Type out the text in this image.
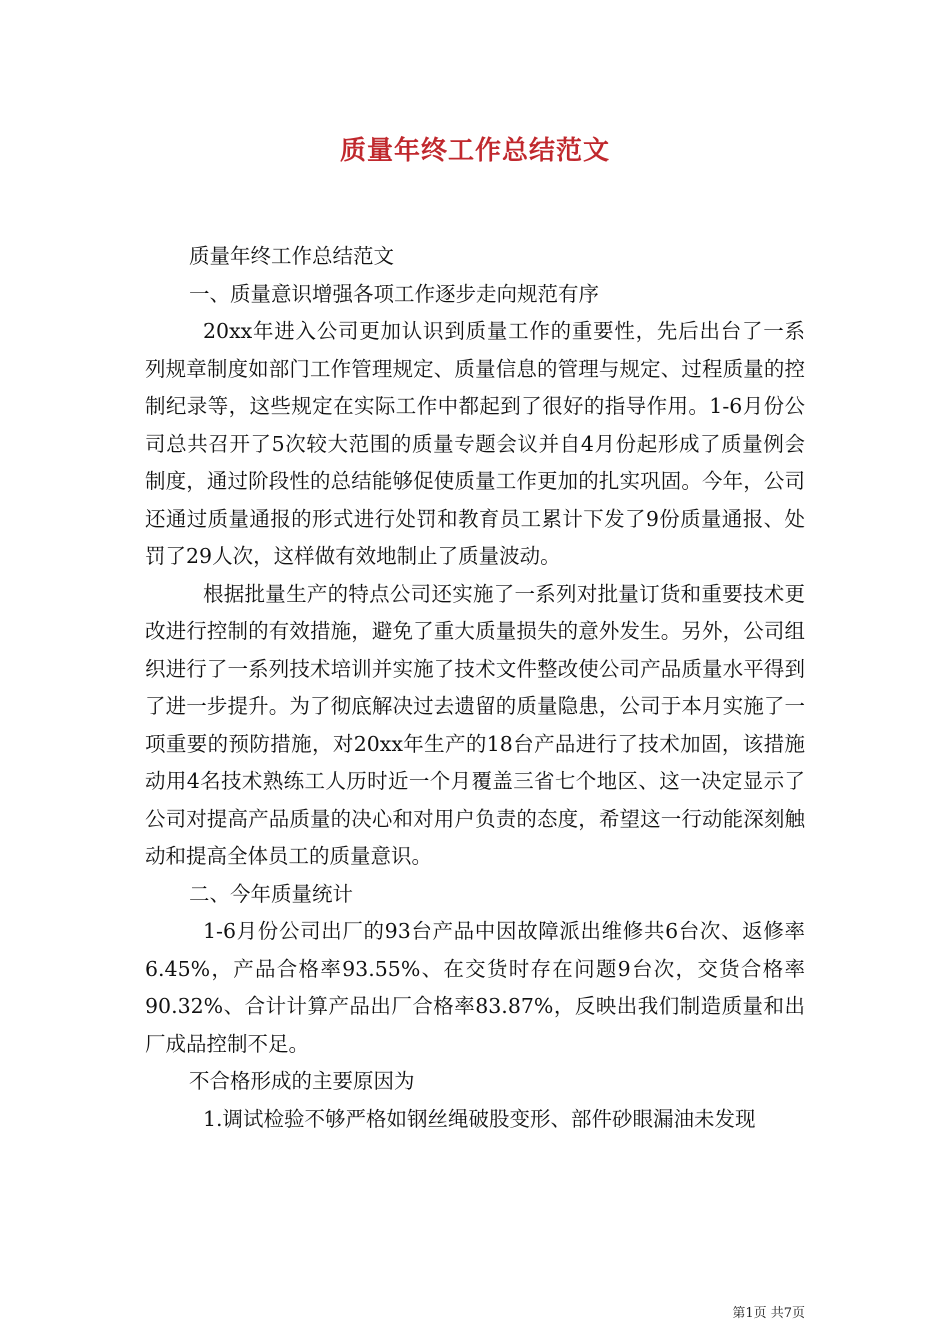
质量年终工作总结范文

质量年终工作总结范文

一、质量意识增强各项工作逐步走向规范有序

20xx年进入公司更加认识到质量工作的重要性，先后出台了一系列规章制度如部门工作管理规定、质量信息的管理与规定、过程质量的控制纪录等，这些规定在实际工作中都起到了很好的指导作用。1-6月份公司总共召开了5次较大范围的质量专题会议并自4月份起形成了质量例会制度，通过阶段性的总结能够促使质量工作更加的扎实巩固。今年，公司还通过质量通报的形式进行处罚和教育员工累计下发了9份质量通报、处罚了29人次，这样做有效地制止了质量波动。

根据批量生产的特点公司还实施了一系列对批量订货和重要技术更改进行控制的有效措施，避免了重大质量损失的意外发生。另外，公司组织进行了一系列技术培训并实施了技术文件整改使公司产品质量水平得到了进一步提升。为了彻底解决过去遗留的质量隐患，公司于本月实施了一项重要的预防措施，对20xx年生产的18台产品进行了技术加固，该措施动用4名技术熟练工人历时近一个月覆盖三省七个地区、这一决定显示了公司对提高产品质量的决心和对用户负责的态度，希望这一行动能深刻触动和提高全体员工的质量意识。

二、今年质量统计

1-6月份公司出厂的93台产品中因故障派出维修共6台次、返修率6.45%，产品合格率93.55%、在交货时存在问题9台次，交货合格率90.32%、合计计算产品出厂合格率83.87%，反映出我们制造质量和出厂成品控制不足。

不合格形成的主要原因为

1.调试检验不够严格如钢丝绳破股变形、部件砂眼漏油未发现

第1页 共7页
